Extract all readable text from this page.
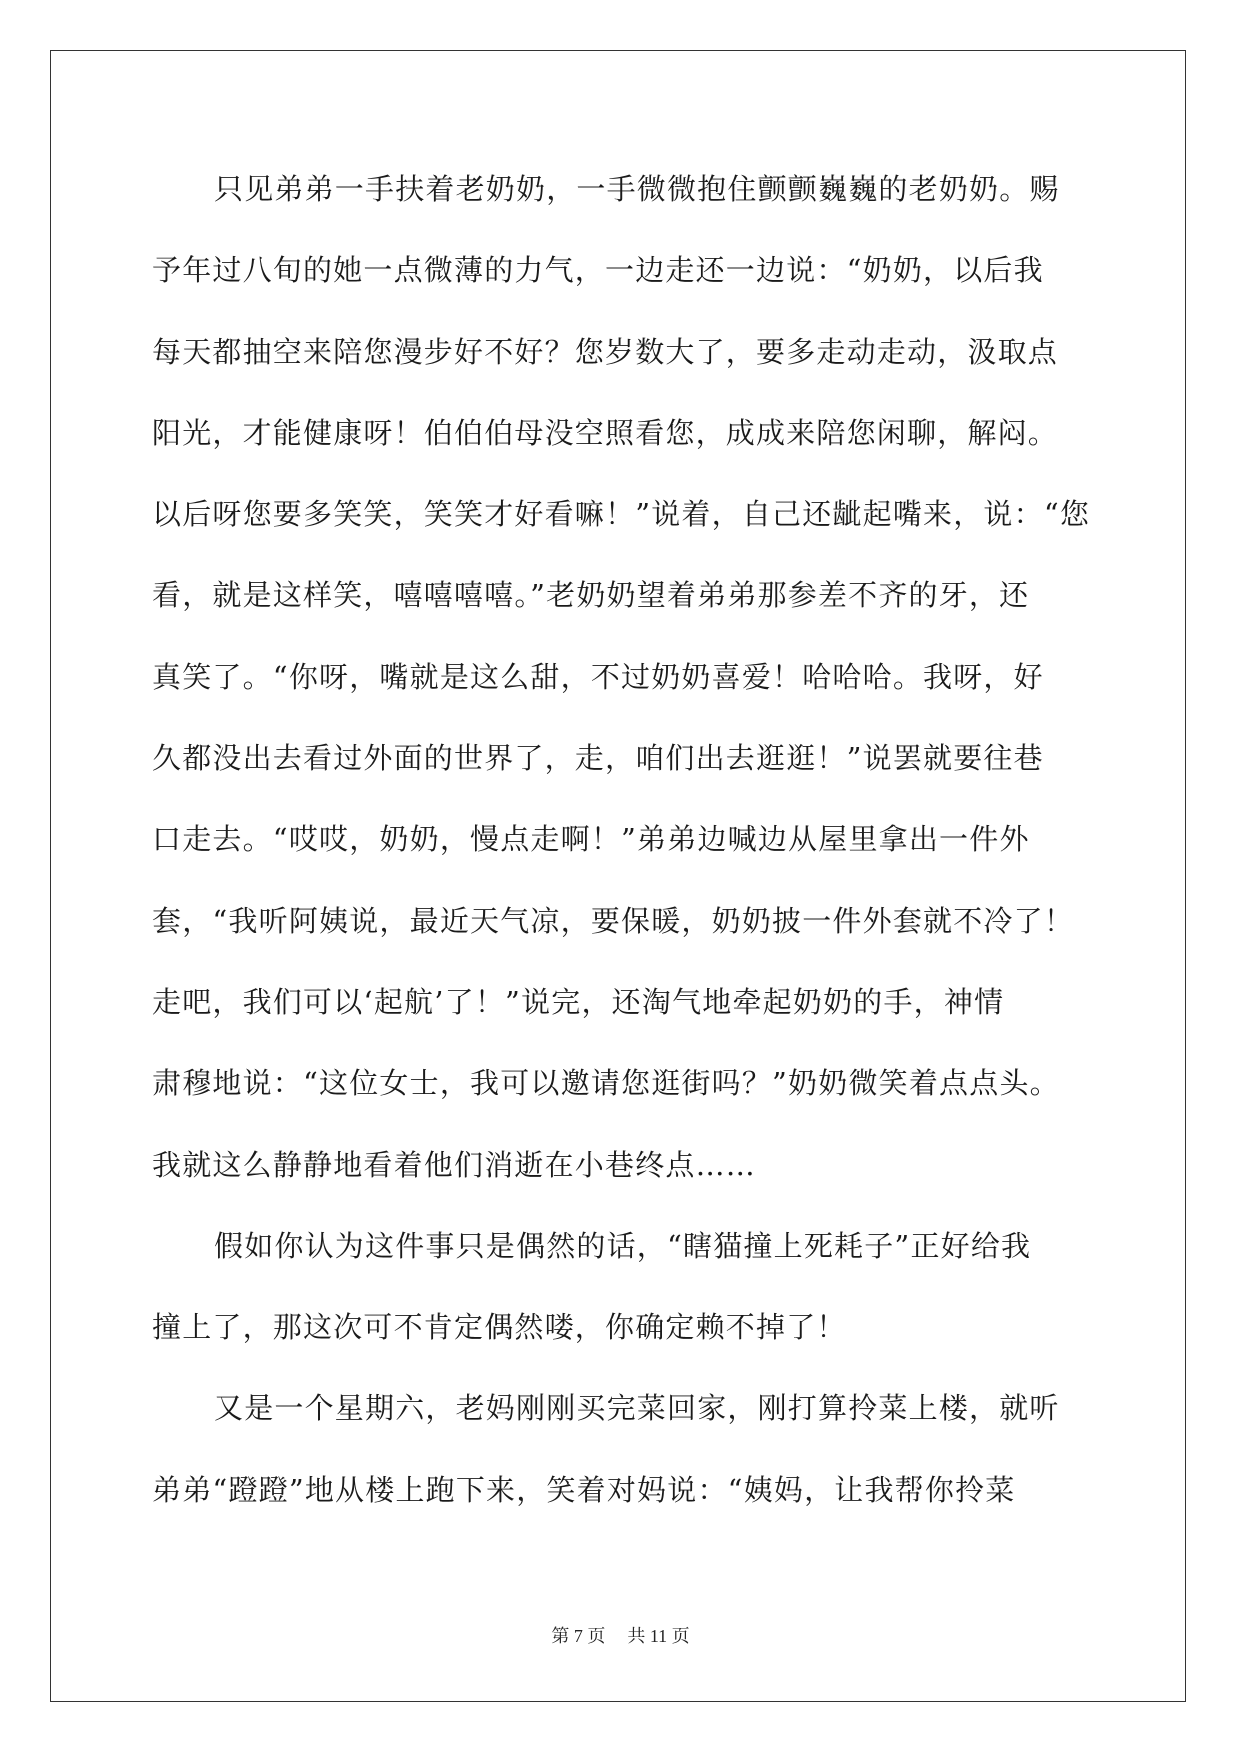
只见弟弟一手扶着老奶奶，一手微微抱住颤颤巍巍的老奶奶。赐
予年过八旬的她一点微薄的力气，一边走还一边说：“奶奶，以后我
每天都抽空来陪您漫步好不好？您岁数大了，要多走动走动，汲取点
阳光，才能健康呀！伯伯伯母没空照看您，成成来陪您闲聊，解闷。
以后呀您要多笑笑，笑笑才好看嘛！”说着，自己还龇起嘴来，说：“您
看，就是这样笑，嘻嘻嘻嘻。”老奶奶望着弟弟那参差不齐的牙，还
真笑了。“你呀，嘴就是这么甜，不过奶奶喜爱！哈哈哈。我呀，好
久都没出去看过外面的世界了，走，咱们出去逛逛！”说罢就要往巷
口走去。“哎哎，奶奶，慢点走啊！”弟弟边喊边从屋里拿出一件外
套，“我听阿姨说，最近天气凉，要保暖，奶奶披一件外套就不冷了！
走吧，我们可以‘起航’了！”说完，还淘气地牵起奶奶的手，神情
肃穆地说：“这位女士，我可以邀请您逛街吗？”奶奶微笑着点点头。
我就这么静静地看着他们消逝在小巷终点……
假如你认为这件事只是偶然的话，“瞎猫撞上死耗子”正好给我
撞上了，那这次可不肯定偶然喽，你确定赖不掉了！
又是一个星期六，老妈刚刚买完菜回家，刚打算拎菜上楼，就听
弟弟“蹬蹬”地从楼上跑下来，笑着对妈说：“姨妈，让我帮你拎菜
第 7 页 共 11 页
